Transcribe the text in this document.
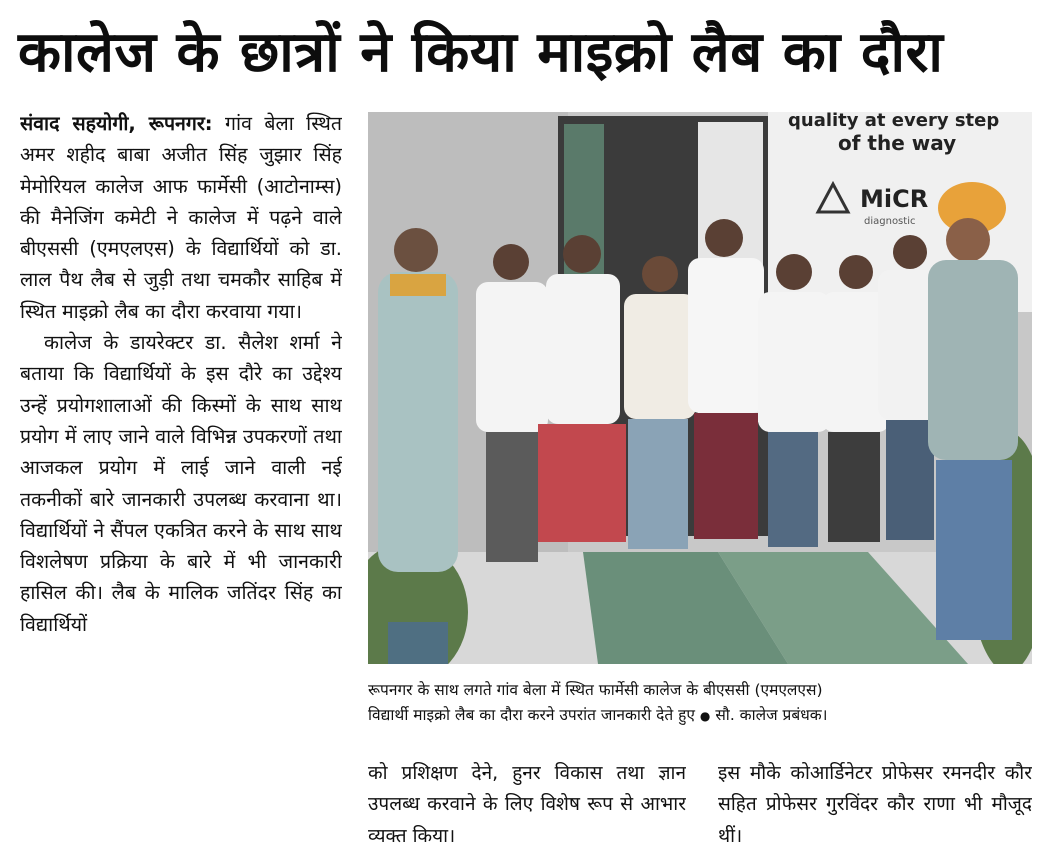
कालेज के छात्रों ने किया माइक्रो लैब का दौरा

संवाद सहयोगी, रूपनगर: गांव बेला स्थित अमर शहीद बाबा अजीत सिंह जुझार सिंह मेमोरियल कालेज आफ फार्मेसी (आटोनाम्स) की मैनेजिंग कमेटी ने कालेज में पढ़ने वाले बीएससी (एमएलएस) के विद्यार्थियों को डा. लाल पैथ लैब से जुड़ी तथा चमकौर साहिब में स्थित माइक्रो लैब का दौरा करवाया गया।

कालेज के डायरेक्टर डा. सैलेश शर्मा ने बताया कि विद्यार्थियों के इस दौरे का उद्देश्य उन्हें प्रयोगशालाओं की किस्मों के साथ साथ प्रयोग में लाए जाने वाले विभिन्न उपकरणों तथा आजकल प्रयोग में लाई जाने वाली नई तकनीकों बारे जानकारी उपलब्ध करवाना था। विद्यार्थियों ने सैंपल एकत्रित करने के साथ साथ विशलेषण प्रक्रिया के बारे में भी जानकारी हासिल की। लैब के मालिक जतिंदर सिंह का विद्यार्थियों

quality at every step
of the way
MiCR
diagnostic
रूपनगर के साथ लगते गांव बेला में स्थित फार्मेसी कालेज के बीएससी (एमएलएस)
विद्यार्थी माइक्रो लैब का दौरा करने उपरांत जानकारी देते हुए ● सौ. कालेज प्रबंधक।

को प्रशिक्षण देने, हुनर विकास तथा ज्ञान उपलब्ध करवाने के लिए विशेष रूप से आभार व्यक्त किया।

इस मौके कोआर्डिनेटर प्रोफेसर रमनदीर कौर सहित प्रोफेसर गुरविंदर कौर राणा भी मौजूद थीं।
